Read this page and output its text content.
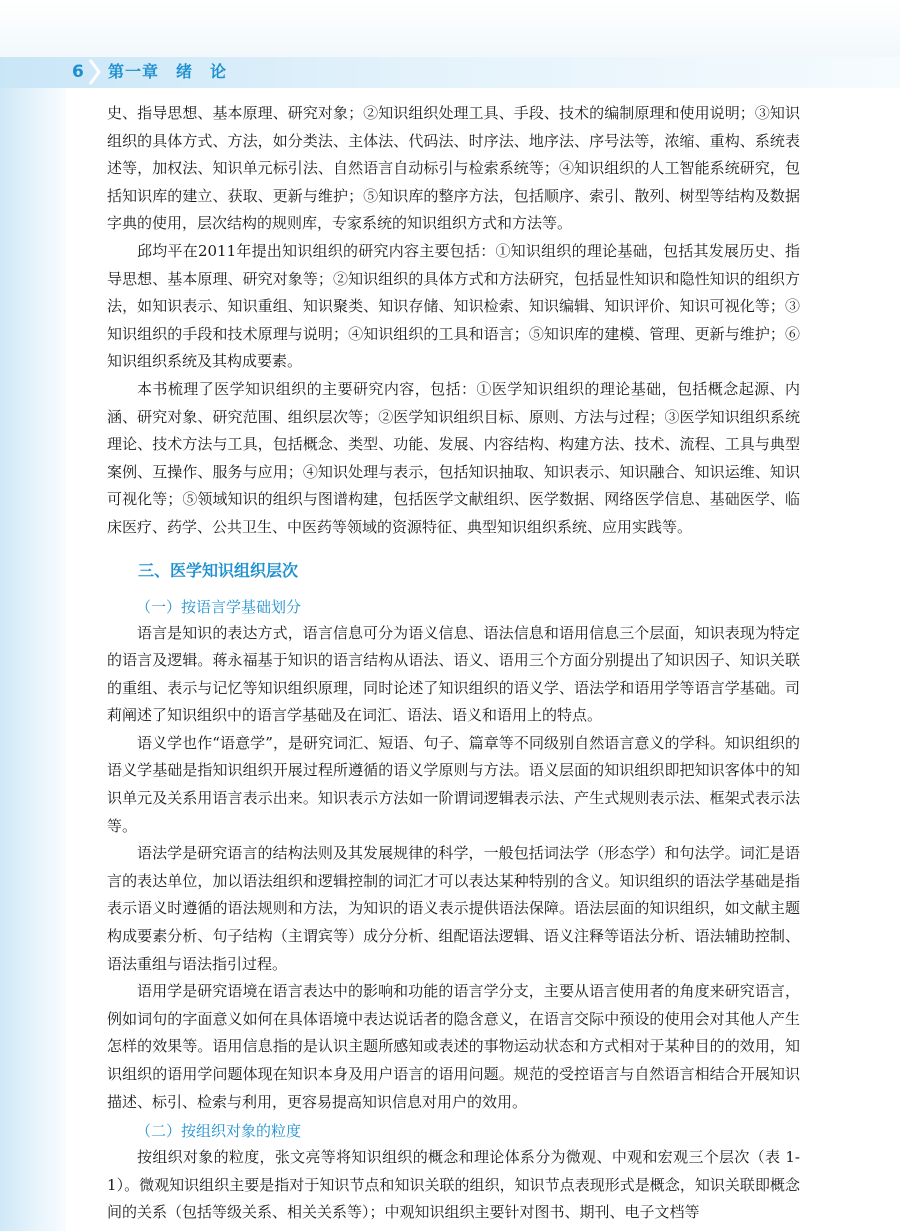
6 第一章　绪　论

史、指导思想、基本原理、研究对象；②知识组织处理工具、手段、技术的编制原理和使用说明；③知识组织的具体方式、方法，如分类法、主体法、代码法、时序法、地序法、序号法等，浓缩、重构、系统表述等，加权法、知识单元标引法、自然语言自动标引与检索系统等；④知识组织的人工智能系统研究，包括知识库的建立、获取、更新与维护；⑤知识库的整序方法，包括顺序、索引、散列、树型等结构及数据字典的使用，层次结构的规则库，专家系统的知识组织方式和方法等。

邱均平在2011年提出知识组织的研究内容主要包括：①知识组织的理论基础，包括其发展历史、指导思想、基本原理、研究对象等；②知识组织的具体方式和方法研究，包括显性知识和隐性知识的组织方法，如知识表示、知识重组、知识聚类、知识存储、知识检索、知识编辑、知识评价、知识可视化等；③知识组织的手段和技术原理与说明；④知识组织的工具和语言；⑤知识库的建模、管理、更新与维护；⑥知识组织系统及其构成要素。

本书梳理了医学知识组织的主要研究内容，包括：①医学知识组织的理论基础，包括概念起源、内涵、研究对象、研究范围、组织层次等；②医学知识组织目标、原则、方法与过程；③医学知识组织系统理论、技术方法与工具，包括概念、类型、功能、发展、内容结构、构建方法、技术、流程、工具与典型案例、互操作、服务与应用；④知识处理与表示，包括知识抽取、知识表示、知识融合、知识运维、知识可视化等；⑤领域知识的组织与图谱构建，包括医学文献组织、医学数据、网络医学信息、基础医学、临床医疗、药学、公共卫生、中医药等领域的资源特征、典型知识组织系统、应用实践等。

三、医学知识组织层次
（一）按语言学基础划分

语言是知识的表达方式，语言信息可分为语义信息、语法信息和语用信息三个层面，知识表现为特定的语言及逻辑。蒋永福基于知识的语言结构从语法、语义、语用三个方面分别提出了知识因子、知识关联的重组、表示与记忆等知识组织原理，同时论述了知识组织的语义学、语法学和语用学等语言学基础。司莉阐述了知识组织中的语言学基础及在词汇、语法、语义和语用上的特点。

语义学也作“语意学”，是研究词汇、短语、句子、篇章等不同级别自然语言意义的学科。知识组织的语义学基础是指知识组织开展过程所遵循的语义学原则与方法。语义层面的知识组织即把知识客体中的知识单元及关系用语言表示出来。知识表示方法如一阶谓词逻辑表示法、产生式规则表示法、框架式表示法等。

语法学是研究语言的结构法则及其发展规律的科学，一般包括词法学（形态学）和句法学。词汇是语言的表达单位，加以语法组织和逻辑控制的词汇才可以表达某种特别的含义。知识组织的语法学基础是指表示语义时遵循的语法规则和方法，为知识的语义表示提供语法保障。语法层面的知识组织，如文献主题构成要素分析、句子结构（主谓宾等）成分分析、组配语法逻辑、语义注释等语法分析、语法辅助控制、语法重组与语法指引过程。

语用学是研究语境在语言表达中的影响和功能的语言学分支，主要从语言使用者的角度来研究语言，例如词句的字面意义如何在具体语境中表达说话者的隐含意义，在语言交际中预设的使用会对其他人产生怎样的效果等。语用信息指的是认识主题所感知或表述的事物运动状态和方式相对于某种目的的效用，知识组织的语用学问题体现在知识本身及用户语言的语用问题。规范的受控语言与自然语言相结合开展知识描述、标引、检索与利用，更容易提高知识信息对用户的效用。

（二）按组织对象的粒度

按组织对象的粒度，张文亮等将知识组织的概念和理论体系分为微观、中观和宏观三个层次（表 1-1）。微观知识组织主要是指对于知识节点和知识关联的组织，知识节点表现形式是概念，知识关联即概念间的关系（包括等级关系、相关关系等）；中观知识组织主要针对图书、期刊、电子文档等
